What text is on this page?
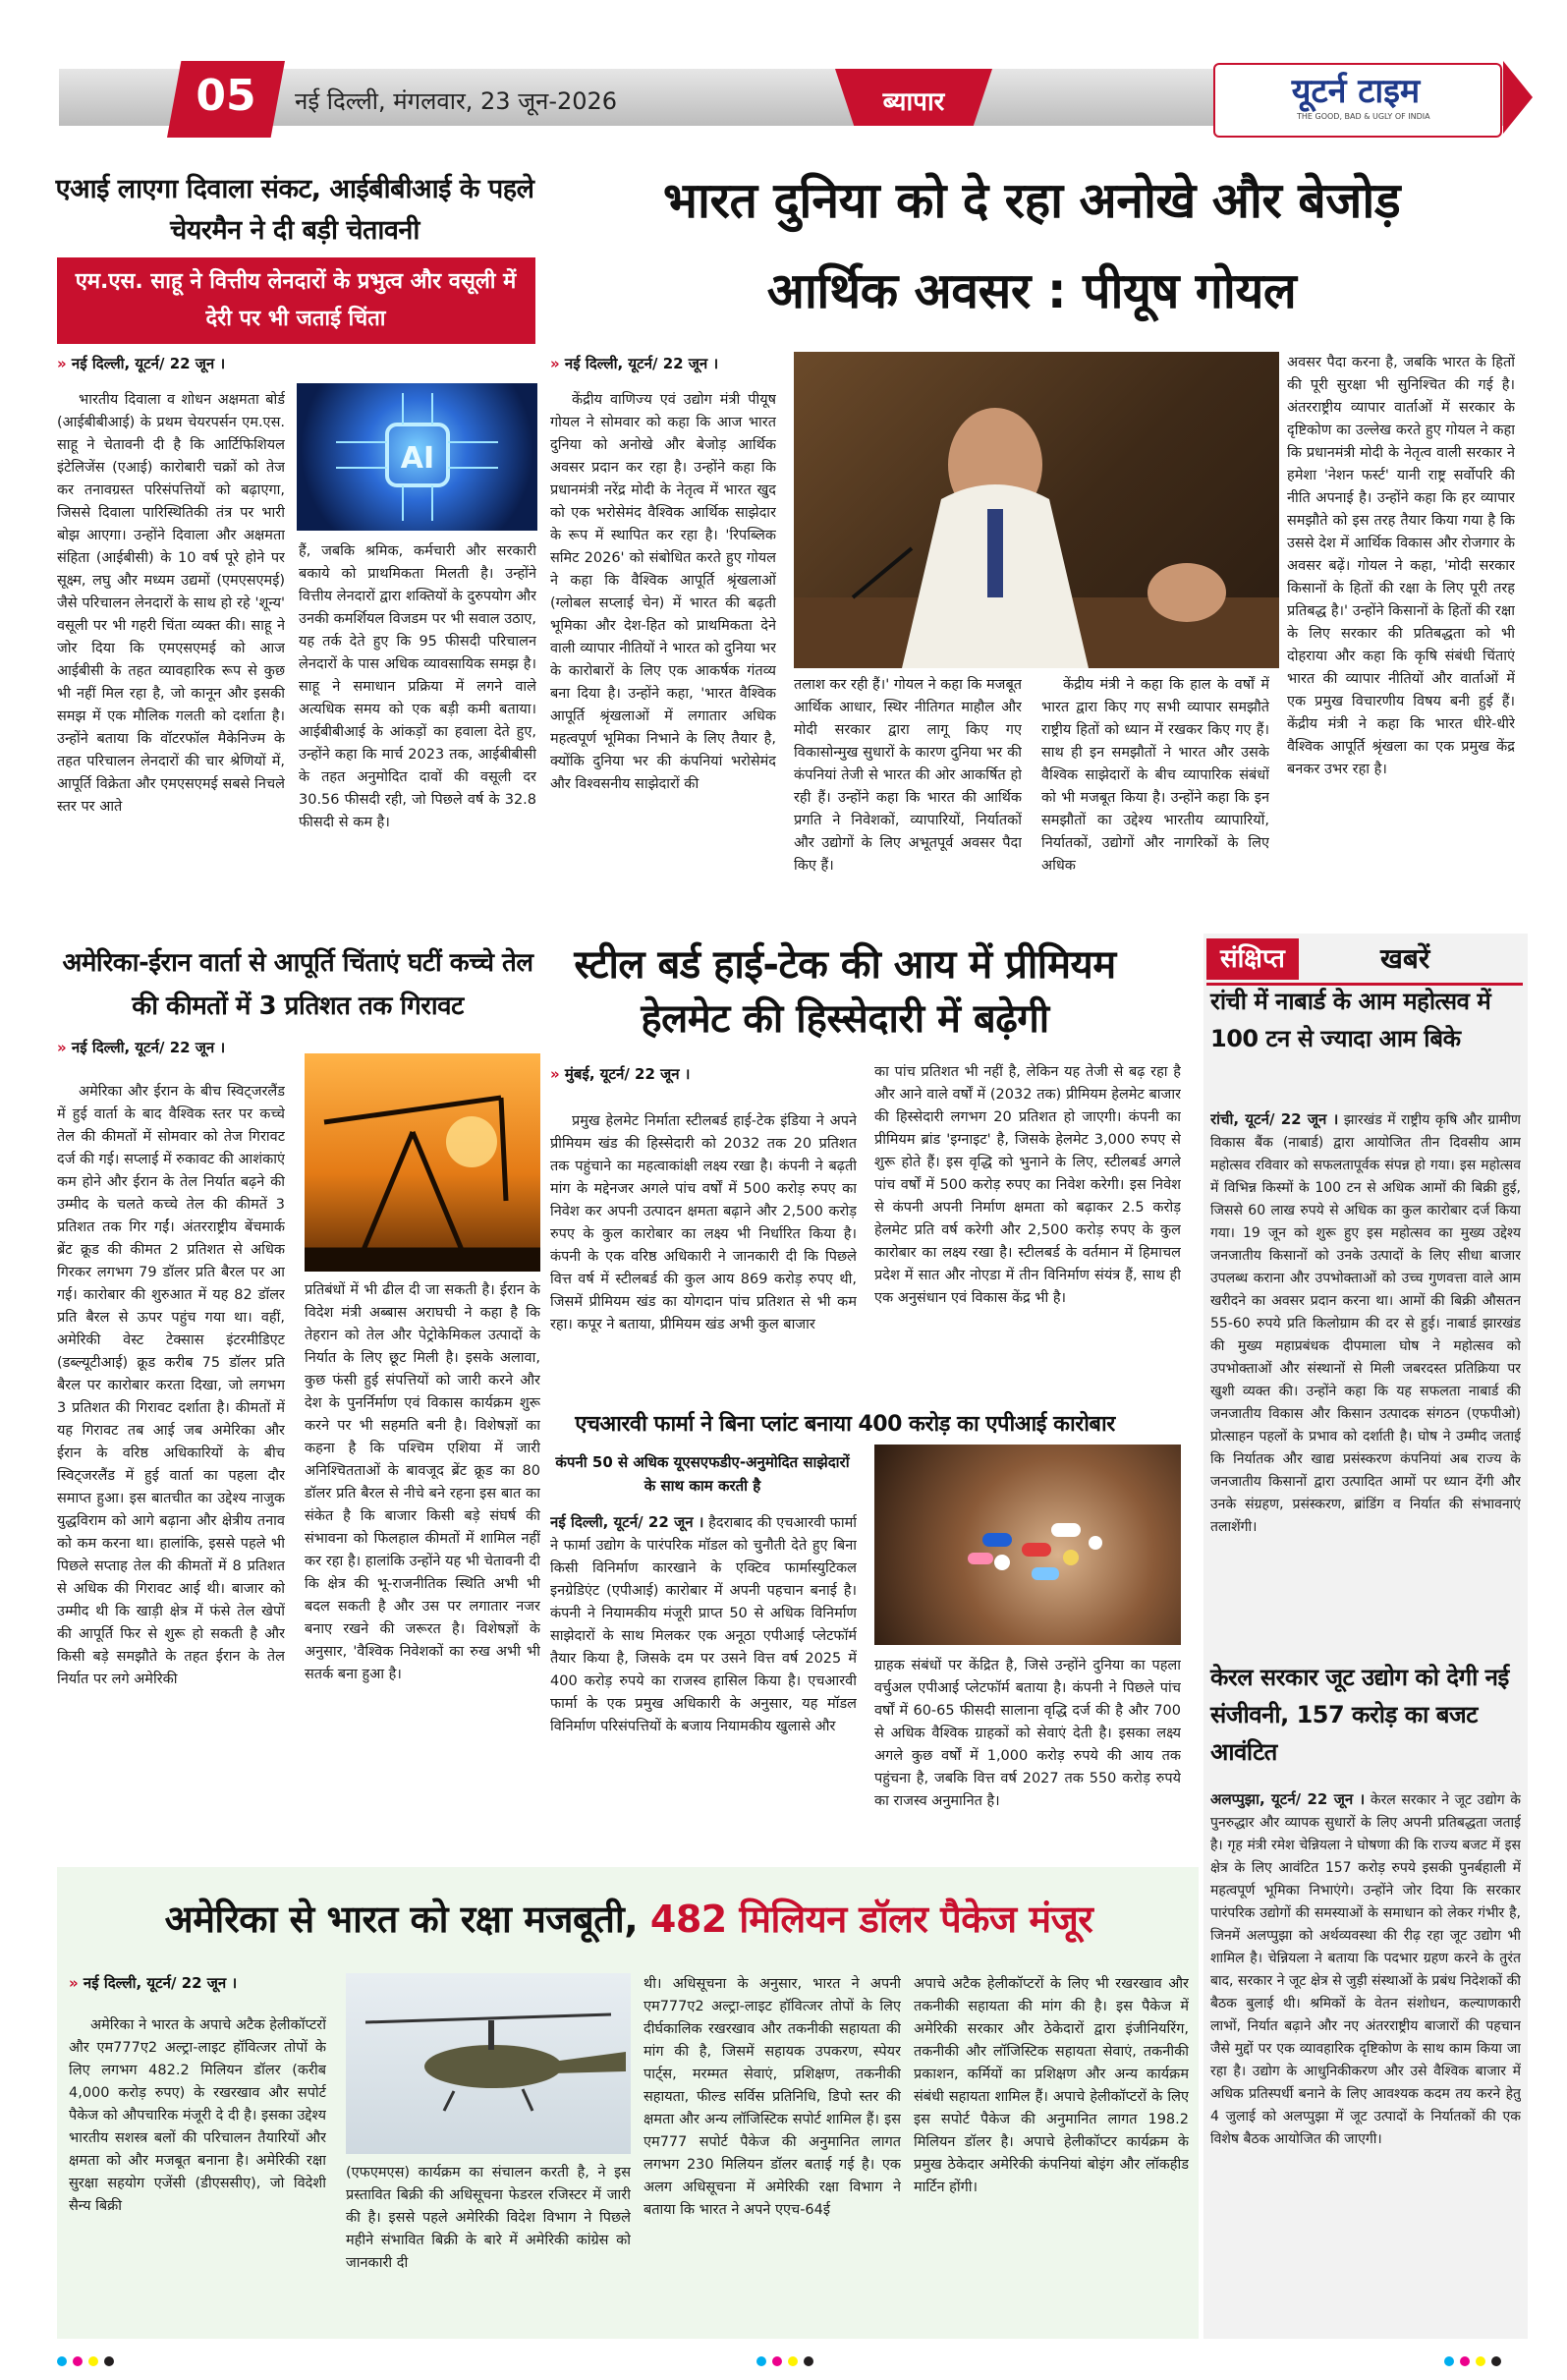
05	नई दिल्ली, मंगलवार, 23 जून-2026	ब्यापार	यूटर्न टाइम
THE GOOD, BAD & UGLY OF INDIA
एआई लाएगा दिवाला संकट, आईबीबीआई के पहले चेयरमैन ने दी बड़ी चेतावनी
एम.एस. साहू ने वित्तीय लेनदारों के प्रभुत्व और वसूली में देरी पर भी जताई चिंता
» नई दिल्ली, यूटर्न/ 22 जून ।

भारतीय दिवाला व शोधन अक्षमता बोर्ड (आईबीबीआई) के प्रथम चेयरपर्सन एम.एस. साहू ने चेतावनी दी है कि आर्टिफिशियल इंटेलिजेंस (एआई) कारोबारी चक्रों को तेज कर तनावग्रस्त परिसंपत्तियों को बढ़ाएगा, जिससे दिवाला पारिस्थितिकी तंत्र पर भारी बोझ आएगा। उन्होंने दिवाला और अक्षमता संहिता (आईबीसी) के 10 वर्ष पूरे होने पर सूक्ष्म, लघु और मध्यम उद्यमों (एमएसएमई) जैसे परिचालन लेनदारों के साथ हो रहे 'शून्य' वसूली पर भी गहरी चिंता व्यक्त की। साहू ने जोर दिया कि एमएसएमई को आज आईबीसी के तहत व्यावहारिक रूप से कुछ भी नहीं मिल रहा है, जो कानून और इसकी समझ में एक मौलिक गलती को दर्शाता है। उन्होंने बताया कि वॉटरफॉल मैकेनिज्म के तहत परिचालन लेनदारों की चार श्रेणियों में, आपूर्ति विक्रेता और एमएसएमई सबसे निचले स्तर पर आते

AI

हैं, जबकि श्रमिक, कर्मचारी और सरकारी बकाये को प्राथमिकता मिलती है। उन्होंने वित्तीय लेनदारों द्वारा शक्तियों के दुरुपयोग और उनकी कमर्शियल विजडम पर भी सवाल उठाए, यह तर्क देते हुए कि 95 फीसदी परिचालन लेनदारों के पास अधिक व्यावसायिक समझ है। साहू ने समाधान प्रक्रिया में लगने वाले अत्यधिक समय को एक बड़ी कमी बताया। आईबीबीआई के आंकड़ों का हवाला देते हुए, उन्होंने कहा कि मार्च 2023 तक, आईबीबीसी के तहत अनुमोदित दावों की वसूली दर 30.56 फीसदी रही, जो पिछले वर्ष के 32.8 फीसदी से कम है।

भारत दुनिया को दे रहा अनोखे और बेजोड़
आर्थिक अवसर : पीयूष गोयल
» नई दिल्ली, यूटर्न/ 22 जून ।

केंद्रीय वाणिज्य एवं उद्योग मंत्री पीयूष गोयल ने सोमवार को कहा कि आज भारत दुनिया को अनोखे और बेजोड़ आर्थिक अवसर प्रदान कर रहा है। उन्होंने कहा कि प्रधानमंत्री नरेंद्र मोदी के नेतृत्व में भारत खुद को एक भरोसेमंद वैश्विक आर्थिक साझेदार के रूप में स्थापित कर रहा है। 'रिपब्लिक समिट 2026' को संबोधित करते हुए गोयल ने कहा कि वैश्विक आपूर्ति श्रृंखलाओं (ग्लोबल सप्लाई चेन) में भारत की बढ़ती भूमिका और देश-हित को प्राथमिकता देने वाली व्यापार नीतियों ने भारत को दुनिया भर के कारोबारों के लिए एक आकर्षक गंतव्य बना दिया है। उन्होंने कहा, 'भारत वैश्विक आपूर्ति श्रृंखलाओं में लगातार अधिक महत्वपूर्ण भूमिका निभाने के लिए तैयार है, क्योंकि दुनिया भर की कंपनियां भरोसेमंद और विश्वसनीय साझेदारों की

तलाश कर रही हैं।' गोयल ने कहा कि मजबूत आर्थिक आधार, स्थिर नीतिगत माहौल और मोदी सरकार द्वारा लागू किए गए विकासोन्मुख सुधारों के कारण दुनिया भर की कंपनियां तेजी से भारत की ओर आकर्षित हो रही हैं। उन्होंने कहा कि भारत की आर्थिक प्रगति ने निवेशकों, व्यापारियों, निर्यातकों और उद्योगों के लिए अभूतपूर्व अवसर पैदा किए हैं।

केंद्रीय मंत्री ने कहा कि हाल के वर्षों में भारत द्वारा किए गए सभी व्यापार समझौते राष्ट्रीय हितों को ध्यान में रखकर किए गए हैं। साथ ही इन समझौतों ने भारत और उसके वैश्विक साझेदारों के बीच व्यापारिक संबंधों को भी मजबूत किया है। उन्होंने कहा कि इन समझौतों का उद्देश्य भारतीय व्यापारियों, निर्यातकों, उद्योगों और नागरिकों के लिए अधिक

अवसर पैदा करना है, जबकि भारत के हितों की पूरी सुरक्षा भी सुनिश्चित की गई है। अंतरराष्ट्रीय व्यापार वार्ताओं में सरकार के दृष्टिकोण का उल्लेख करते हुए गोयल ने कहा कि प्रधानमंत्री मोदी के नेतृत्व वाली सरकार ने हमेशा 'नेशन फर्स्ट' यानी राष्ट्र सर्वोपरि की नीति अपनाई है। उन्होंने कहा कि हर व्यापार समझौते को इस तरह तैयार किया गया है कि उससे देश में आर्थिक विकास और रोजगार के अवसर बढ़ें। गोयल ने कहा, 'मोदी सरकार किसानों के हितों की रक्षा के लिए पूरी तरह प्रतिबद्ध है।' उन्होंने किसानों के हितों की रक्षा के लिए सरकार की प्रतिबद्धता को भी दोहराया और कहा कि कृषि संबंधी चिंताएं भारत की व्यापार नीतियों और वार्ताओं में एक प्रमुख विचारणीय विषय बनी हुई हैं। केंद्रीय मंत्री ने कहा कि भारत धीरे-धीरे वैश्विक आपूर्ति श्रृंखला का एक प्रमुख केंद्र बनकर उभर रहा है।

अमेरिका-ईरान वार्ता से आपूर्ति चिंताएं घटीं कच्चे तेल की कीमतों में 3 प्रतिशत तक गिरावट
» नई दिल्ली, यूटर्न/ 22 जून ।

अमेरिका और ईरान के बीच स्विट्जरलैंड में हुई वार्ता के बाद वैश्विक स्तर पर कच्चे तेल की कीमतों में सोमवार को तेज गिरावट दर्ज की गई। सप्लाई में रुकावट की आशंकाएं कम होने और ईरान के तेल निर्यात बढ़ने की उम्मीद के चलते कच्चे तेल की कीमतें 3 प्रतिशत तक गिर गईं। अंतरराष्ट्रीय बेंचमार्क ब्रेंट क्रूड की कीमत 2 प्रतिशत से अधिक गिरकर लगभग 79 डॉलर प्रति बैरल पर आ गई। कारोबार की शुरुआत में यह 82 डॉलर प्रति बैरल से ऊपर पहुंच गया था। वहीं, अमेरिकी वेस्ट टेक्सास इंटरमीडिएट (डब्ल्यूटीआई) क्रूड करीब 75 डॉलर प्रति बैरल पर कारोबार करता दिखा, जो लगभग 3 प्रतिशत की गिरावट दर्शाता है। कीमतों में यह गिरावट तब आई जब अमेरिका और ईरान के वरिष्ठ अधिकारियों के बीच स्विट्जरलैंड में हुई वार्ता का पहला दौर समाप्त हुआ। इस बातचीत का उद्देश्य नाजुक युद्धविराम को आगे बढ़ाना और क्षेत्रीय तनाव को कम करना था। हालांकि, इससे पहले भी पिछले सप्ताह तेल की कीमतों में 8 प्रतिशत से अधिक की गिरावट आई थी। बाजार को उम्मीद थी कि खाड़ी क्षेत्र में फंसे तेल खेपों की आपूर्ति फिर से शुरू हो सकती है और किसी बड़े समझौते के तहत ईरान के तेल निर्यात पर लगे अमेरिकी

प्रतिबंधों में भी ढील दी जा सकती है। ईरान के विदेश मंत्री अब्बास अराघची ने कहा है कि तेहरान को तेल और पेट्रोकेमिकल उत्पादों के निर्यात के लिए छूट मिली है। इसके अलावा, कुछ फंसी हुई संपत्तियों को जारी करने और देश के पुनर्निर्माण एवं विकास कार्यक्रम शुरू करने पर भी सहमति बनी है। विशेषज्ञों का कहना है कि पश्चिम एशिया में जारी अनिश्चितताओं के बावजूद ब्रेंट क्रूड का 80 डॉलर प्रति बैरल से नीचे बने रहना इस बात का संकेत है कि बाजार किसी बड़े संघर्ष की संभावना को फिलहाल कीमतों में शामिल नहीं कर रहा है। हालांकि उन्होंने यह भी चेतावनी दी कि क्षेत्र की भू-राजनीतिक स्थिति अभी भी बदल सकती है और उस पर लगातार नजर बनाए रखने की जरूरत है। विशेषज्ञों के अनुसार, 'वैश्विक निवेशकों का रुख अभी भी सतर्क बना हुआ है।

स्टील बर्ड हाई-टेक की आय में प्रीमियम
हेलमेट की हिस्सेदारी में बढ़ेगी
» मुंबई, यूटर्न/ 22 जून ।

प्रमुख हेलमेट निर्माता स्टीलबर्ड हाई-टेक इंडिया ने अपने प्रीमियम खंड की हिस्सेदारी को 2032 तक 20 प्रतिशत तक पहुंचाने का महत्वाकांक्षी लक्ष्य रखा है। कंपनी ने बढ़ती मांग के मद्देनजर अगले पांच वर्षों में 500 करोड़ रुपए का निवेश कर अपनी उत्पादन क्षमता बढ़ाने और 2,500 करोड़ रुपए के कुल कारोबार का लक्ष्य भी निर्धारित किया है। कंपनी के एक वरिष्ठ अधिकारी ने जानकारी दी कि पिछले वित्त वर्ष में स्टीलबर्ड की कुल आय 869 करोड़ रुपए थी, जिसमें प्रीमियम खंड का योगदान पांच प्रतिशत से भी कम रहा। कपूर ने बताया, प्रीमियम खंड अभी कुल बाजार

का पांच प्रतिशत भी नहीं है, लेकिन यह तेजी से बढ़ रहा है और आने वाले वर्षों में (2032 तक) प्रीमियम हेलमेट बाजार की हिस्सेदारी लगभग 20 प्रतिशत हो जाएगी। कंपनी का प्रीमियम ब्रांड 'इग्नाइट' है, जिसके हेलमेट 3,000 रुपए से शुरू होते हैं। इस वृद्धि को भुनाने के लिए, स्टीलबर्ड अगले पांच वर्षों में 500 करोड़ रुपए का निवेश करेगी। इस निवेश से कंपनी अपनी निर्माण क्षमता को बढ़ाकर 2.5 करोड़ हेलमेट प्रति वर्ष करेगी और 2,500 करोड़ रुपए के कुल कारोबार का लक्ष्य रखा है। स्टीलबर्ड के वर्तमान में हिमाचल प्रदेश में सात और नोएडा में तीन विनिर्माण संयंत्र हैं, साथ ही एक अनुसंधान एवं विकास केंद्र भी है।

एचआरवी फार्मा ने बिना प्लांट बनाया 400 करोड़ का एपीआई कारोबार
कंपनी 50 से अधिक यूएसएफडीए-अनुमोदित साझेदारों के साथ काम करती है

नई दिल्ली, यूटर्न/ 22 जून । हैदराबाद की एचआरवी फार्मा ने फार्मा उद्योग के पारंपरिक मॉडल को चुनौती देते हुए बिना किसी विनिर्माण कारखाने के एक्टिव फार्मास्युटिकल इनग्रेडिएंट (एपीआई) कारोबार में अपनी पहचान बनाई है। कंपनी ने नियामकीय मंजूरी प्राप्त 50 से अधिक विनिर्माण साझेदारों के साथ मिलकर एक अनूठा एपीआई प्लेटफॉर्म तैयार किया है, जिसके दम पर उसने वित्त वर्ष 2025 में 400 करोड़ रुपये का राजस्व हासिल किया है। एचआरवी फार्मा के एक प्रमुख अधिकारी के अनुसार, यह मॉडल विनिर्माण परिसंपत्तियों के बजाय नियामकीय खुलासे और

ग्राहक संबंधों पर केंद्रित है, जिसे उन्होंने दुनिया का पहला वर्चुअल एपीआई प्लेटफॉर्म बताया है। कंपनी ने पिछले पांच वर्षों में 60-65 फीसदी सालाना वृद्धि दर्ज की है और 700 से अधिक वैश्विक ग्राहकों को सेवाएं देती है। इसका लक्ष्य अगले कुछ वर्षों में 1,000 करोड़ रुपये की आय तक पहुंचना है, जबकि वित्त वर्ष 2027 तक 550 करोड़ रुपये का राजस्व अनुमानित है।

संक्षिप्त	खबरें
रांची में नाबार्ड के आम महोत्सव में 100 टन से ज्यादा आम बिके

रांची, यूटर्न/ 22 जून । झारखंड में राष्ट्रीय कृषि और ग्रामीण विकास बैंक (नाबार्ड) द्वारा आयोजित तीन दिवसीय आम महोत्सव रविवार को सफलतापूर्वक संपन्न हो गया। इस महोत्सव में विभिन्न किस्मों के 100 टन से अधिक आमों की बिक्री हुई, जिससे 60 लाख रुपये से अधिक का कुल कारोबार दर्ज किया गया। 19 जून को शुरू हुए इस महोत्सव का मुख्य उद्देश्य जनजातीय किसानों को उनके उत्पादों के लिए सीधा बाजार उपलब्ध कराना और उपभोक्ताओं को उच्च गुणवत्ता वाले आम खरीदने का अवसर प्रदान करना था। आमों की बिक्री औसतन 55-60 रुपये प्रति किलोग्राम की दर से हुई। नाबार्ड झारखंड की मुख्य महाप्रबंधक दीपमाला घोष ने महोत्सव को उपभोक्ताओं और संस्थानों से मिली जबरदस्त प्रतिक्रिया पर खुशी व्यक्त की। उन्होंने कहा कि यह सफलता नाबार्ड की जनजातीय विकास और किसान उत्पादक संगठन (एफपीओ) प्रोत्साहन पहलों के प्रभाव को दर्शाती है। घोष ने उम्मीद जताई कि निर्यातक और खाद्य प्रसंस्करण कंपनियां अब राज्य के जनजातीय किसानों द्वारा उत्पादित आमों पर ध्यान देंगी और उनके संग्रहण, प्रसंस्करण, ब्रांडिंग व निर्यात की संभावनाएं तलाशेंगी।

केरल सरकार जूट उद्योग को देगी नई संजीवनी, 157 करोड़ का बजट आवंटित

अलप्पुझा, यूटर्न/ 22 जून । केरल सरकार ने जूट उद्योग के पुनरुद्धार और व्यापक सुधारों के लिए अपनी प्रतिबद्धता जताई है। गृह मंत्री रमेश चेन्नियला ने घोषणा की कि राज्य बजट में इस क्षेत्र के लिए आवंटित 157 करोड़ रुपये इसकी पुनर्बहाली में महत्वपूर्ण भूमिका निभाएंगे। उन्होंने जोर दिया कि सरकार पारंपरिक उद्योगों की समस्याओं के समाधान को लेकर गंभीर है, जिनमें अलप्पुझा को अर्थव्यवस्था की रीढ़ रहा जूट उद्योग भी शामिल है। चेन्नियला ने बताया कि पदभार ग्रहण करने के तुरंत बाद, सरकार ने जूट क्षेत्र से जुड़ी संस्थाओं के प्रबंध निदेशकों की बैठक बुलाई थी। श्रमिकों के वेतन संशोधन, कल्याणकारी लाभों, निर्यात बढ़ाने और नए अंतरराष्ट्रीय बाजारों की पहचान जैसे मुद्दों पर एक व्यावहारिक दृष्टिकोण के साथ काम किया जा रहा है। उद्योग के आधुनिकीकरण और उसे वैश्विक बाजार में अधिक प्रतिस्पर्धी बनाने के लिए आवश्यक कदम तय करने हेतु 4 जुलाई को अलप्पुझा में जूट उत्पादों के निर्यातकों की एक विशेष बैठक आयोजित की जाएगी।

अमेरिका से भारत को रक्षा मजबूती, 482 मिलियन डॉलर पैकेज मंजूर
» नई दिल्ली, यूटर्न/ 22 जून ।

अमेरिका ने भारत के अपाचे अटैक हेलीकॉप्टरों और एम777ए2 अल्ट्रा-लाइट हॉवित्जर तोपों के लिए लगभग 482.2 मिलियन डॉलर (करीब 4,000 करोड़ रुपए) के रखरखाव और सपोर्ट पैकेज को औपचारिक मंजूरी दे दी है। इसका उद्देश्य भारतीय सशस्त्र बलों की परिचालन तैयारियों और क्षमता को और मजबूत बनाना है। अमेरिकी रक्षा सुरक्षा सहयोग एजेंसी (डीएससीए), जो विदेशी सैन्य बिक्री

(एफएमएस) कार्यक्रम का संचालन करती है, ने इस प्रस्तावित बिक्री की अधिसूचना फेडरल रजिस्टर में जारी की है। इससे पहले अमेरिकी विदेश विभाग ने पिछले महीने संभावित बिक्री के बारे में अमेरिकी कांग्रेस को जानकारी दी

थी। अधिसूचना के अनुसार, भारत ने अपनी एम777ए2 अल्ट्रा-लाइट हॉवित्जर तोपों के लिए दीर्घकालिक रखरखाव और तकनीकी सहायता की मांग की है, जिसमें सहायक उपकरण, स्पेयर पार्ट्स, मरम्मत सेवाएं, प्रशिक्षण, तकनीकी सहायता, फील्ड सर्विस प्रतिनिधि, डिपो स्तर की क्षमता और अन्य लॉजिस्टिक सपोर्ट शामिल हैं। इस एम777 सपोर्ट पैकेज की अनुमानित लागत लगभग 230 मिलियन डॉलर बताई गई है। एक अलग अधिसूचना में अमेरिकी रक्षा विभाग ने बताया कि भारत ने अपने एएच-64ई

अपाचे अटैक हेलीकॉप्टरों के लिए भी रखरखाव और तकनीकी सहायता की मांग की है। इस पैकेज में अमेरिकी सरकार और ठेकेदारों द्वारा इंजीनियरिंग, तकनीकी और लॉजिस्टिक सहायता सेवाएं, तकनीकी प्रकाशन, कर्मियों का प्रशिक्षण और अन्य कार्यक्रम संबंधी सहायता शामिल हैं। अपाचे हेलीकॉप्टरों के लिए इस सपोर्ट पैकेज की अनुमानित लागत 198.2 मिलियन डॉलर है। अपाचे हेलीकॉप्टर कार्यक्रम के प्रमुख ठेकेदार अमेरिकी कंपनियां बोइंग और लॉकहीड मार्टिन होंगी।
